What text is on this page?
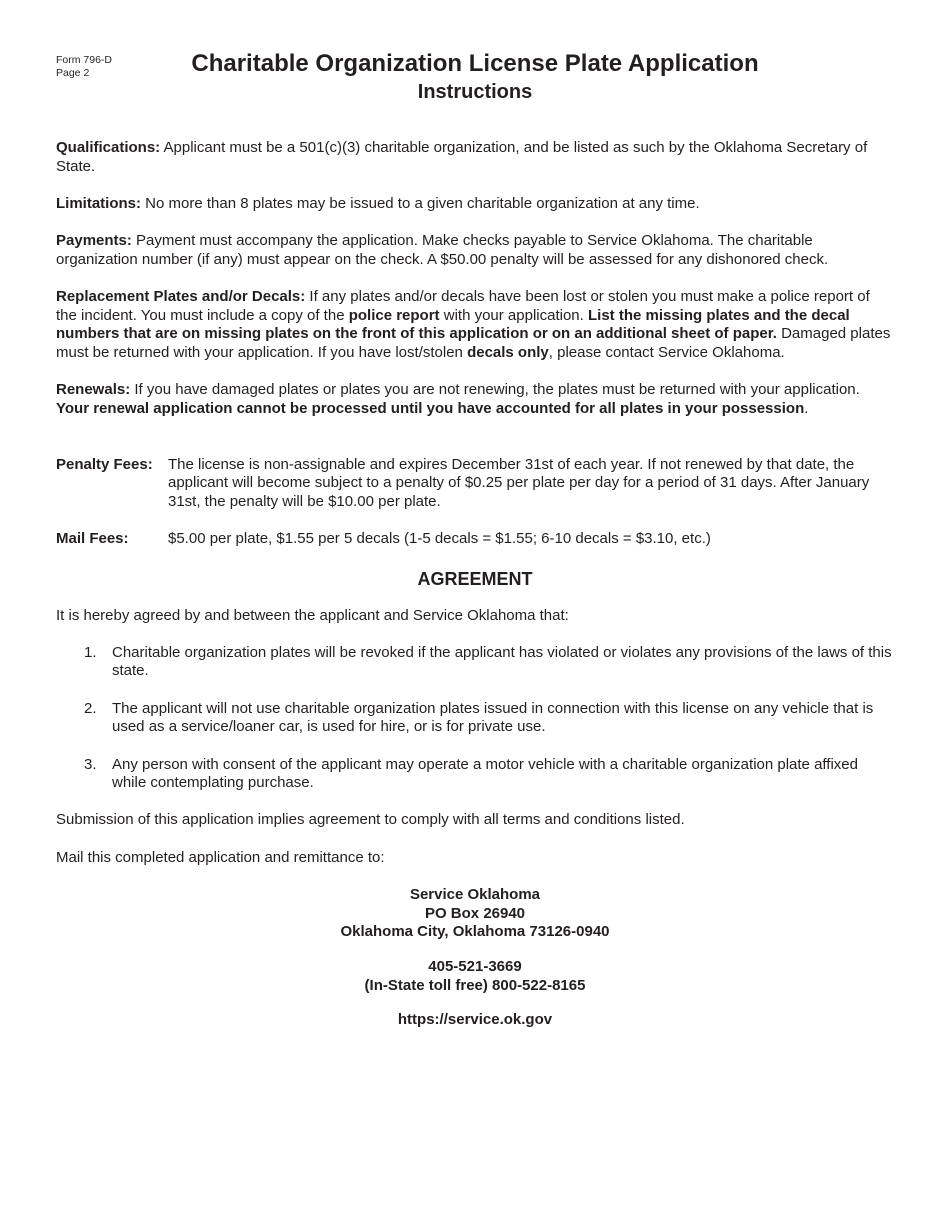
Form 796-D
Page 2	Charitable Organization License Plate Application
Instructions

Qualifications: Applicant must be a 501(c)(3) charitable organization, and be listed as such by the Oklahoma Secretary of State.

Limitations: No more than 8 plates may be issued to a given charitable organization at any time.

Payments: Payment must accompany the application. Make checks payable to Service Oklahoma. The charitable organization number (if any) must appear on the check. A $50.00 penalty will be assessed for any dishonored check.

Replacement Plates and/or Decals: If any plates and/or decals have been lost or stolen you must make a police report of the incident. You must include a copy of the police report with your application. List the missing plates and the decal numbers that are on missing plates on the front of this application or on an additional sheet of paper. Damaged plates must be returned with your application. If you have lost/stolen decals only, please contact Service Oklahoma.

Renewals: If you have damaged plates or plates you are not renewing, the plates must be returned with your application. Your renewal application cannot be processed until you have accounted for all plates in your possession.

Penalty Fees:	The license is non-assignable and expires December 31st of each year. If not renewed by that date, the applicant will become subject to a penalty of $0.25 per plate per day for a period of 31 days. After January 31st, the penalty will be $10.00 per plate.
Mail Fees:	$5.00 per plate, $1.55 per 5 decals (1-5 decals = $1.55; 6-10 decals = $3.10, etc.)
AGREEMENT

It is hereby agreed by and between the applicant and Service Oklahoma that:

1.	Charitable organization plates will be revoked if the applicant has violated or violates any provisions of the laws of this state.
2.	The applicant will not use charitable organization plates issued in connection with this license on any vehicle that is used as a service/loaner car, is used for hire, or is for private use.
3.	Any person with consent of the applicant may operate a motor vehicle with a charitable organization plate affixed while contemplating purchase.

Submission of this application implies agreement to comply with all terms and conditions listed.

Mail this completed application and remittance to:

Service Oklahoma
PO Box 26940
Oklahoma City, Oklahoma 73126-0940
405-521-3669
(In-State toll free) 800-522-8165
https://service.ok.gov
